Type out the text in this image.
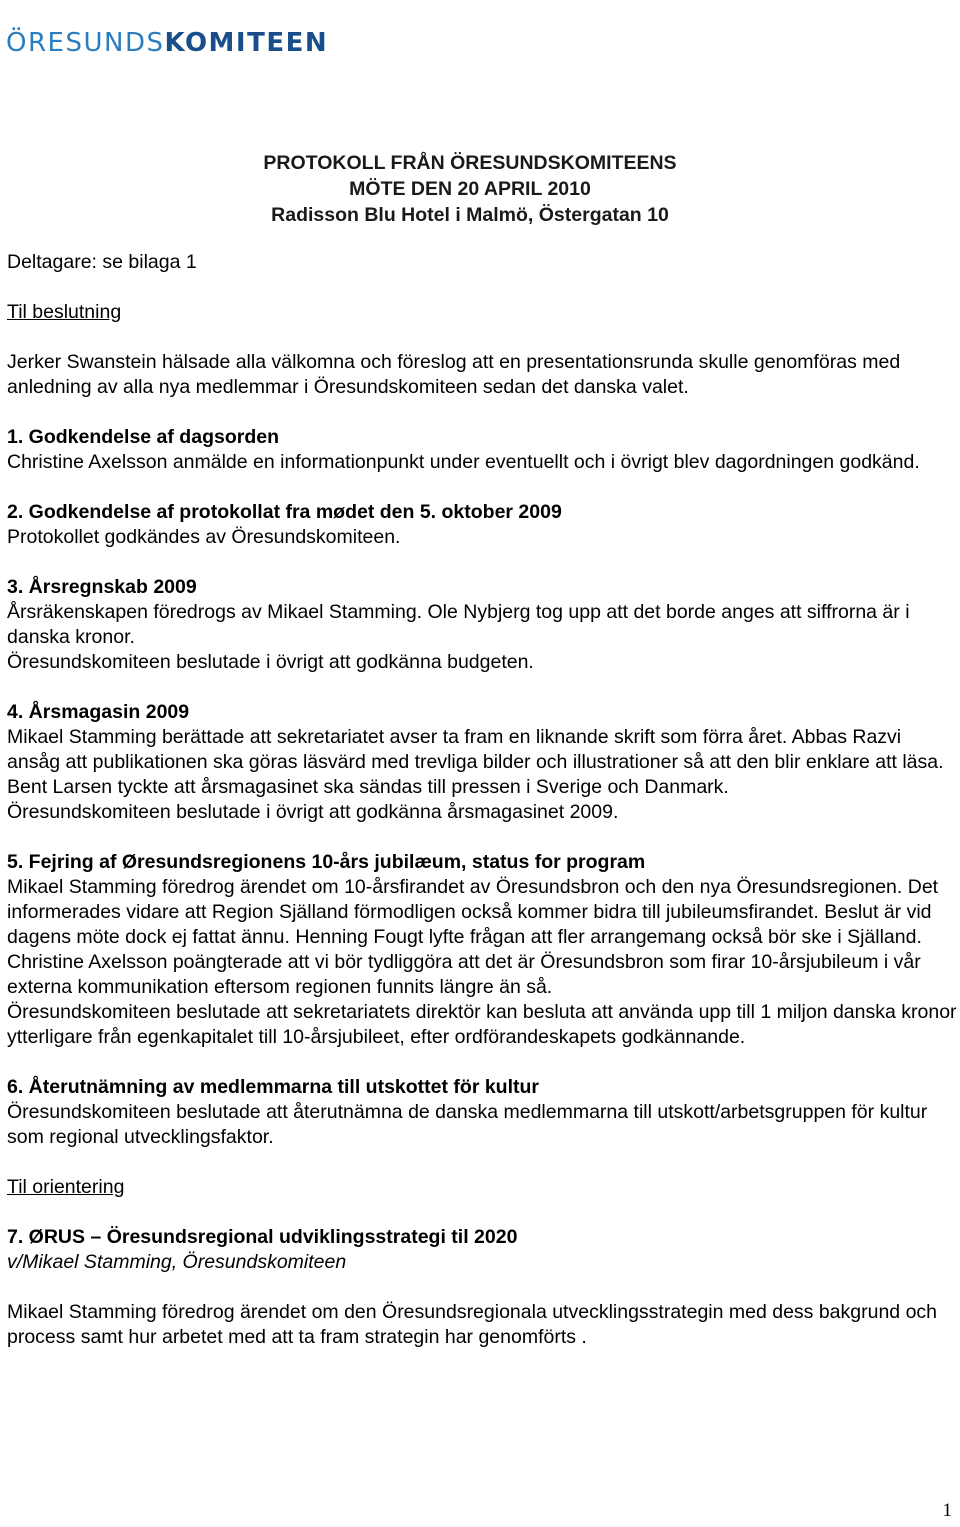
ÖRESUNDS KOMITEEN
PROTOKOLL FRÅN ÖRESUNDSKOMITEENS
MÖTE DEN 20 APRIL 2010
Radisson Blu Hotel i Malmö, Östergatan 10

Deltagare: se bilaga 1

Til beslutning

Jerker Swanstein hälsade alla välkomna och föreslog att en presentationsrunda skulle genomföras med anledning av alla nya medlemmar i Öresundskomiteen sedan det danska valet.

1. Godkendelse af dagsorden
Christine Axelsson anmälde en informationpunkt under eventuellt och i övrigt blev dagordningen godkänd.

2. Godkendelse af protokollat fra mødet den 5. oktober 2009
Protokollet godkändes av Öresundskomiteen.

3. Årsregnskab 2009
Årsräkenskapen föredrogs av Mikael Stamming. Ole Nybjerg tog upp att det borde anges att siffrorna är i danska kronor.
Öresundskomiteen beslutade i övrigt att godkänna budgeten.

4. Årsmagasin 2009
Mikael Stamming berättade att sekretariatet avser ta fram en liknande skrift som förra året. Abbas Razvi ansåg att publikationen ska göras läsvärd med trevliga bilder och illustrationer så att den blir enklare att läsa. Bent Larsen tyckte att årsmagasinet ska sändas till pressen i Sverige och Danmark.
Öresundskomiteen beslutade i övrigt att godkänna årsmagasinet 2009.

5. Fejring af Øresundsregionens 10-års jubilæum, status for program
Mikael Stamming föredrog ärendet om 10-årsfirandet av Öresundsbron och den nya Öresundsregionen. Det informerades vidare att Region Själland förmodligen också kommer bidra till jubileumsfirandet. Beslut är vid dagens möte dock ej fattat ännu. Henning Fougt lyfte frågan att fler arrangemang också bör ske i Själland. Christine Axelsson poängterade att vi bör tydliggöra att det är Öresundsbron som firar 10-årsjubileum i vår externa kommunikation eftersom regionen funnits längre än så.
Öresundskomiteen beslutade att sekretariatets direktör kan besluta att använda upp till 1 miljon danska kronor ytterligare från egenkapitalet till 10-årsjubileet, efter ordförandeskapets godkännande.

6. Återutnämning av medlemmarna till utskottet för kultur
Öresundskomiteen beslutade att återutnämna de danska medlemmarna till utskott/arbetsgruppen för kultur som regional utvecklingsfaktor.

Til orientering

7. ØRUS – Öresundsregional udviklingsstrategi til 2020
v/Mikael Stamming, Öresundskomiteen

Mikael Stamming föredrog ärendet om den Öresundsregionala utvecklingsstrategin med dess bakgrund och process samt hur arbetet med att ta fram strategin har genomförts .

1
